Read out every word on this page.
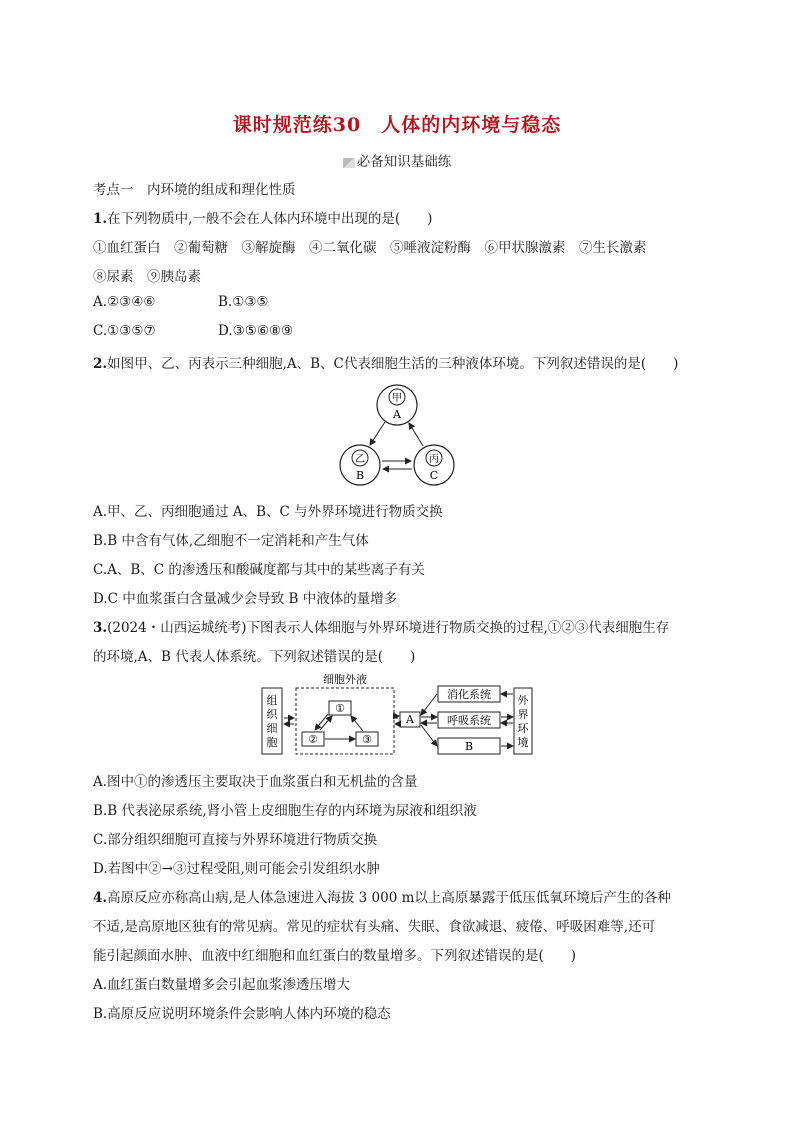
课时规范练30　人体的内环境与稳态
必备知识基础练
考点一　内环境的组成和理化性质
1.在下列物质中,一般不会在人体内环境中出现的是(　　)
①血红蛋白　②葡萄糖　③解旋酶　④二氧化碳　⑤唾液淀粉酶　⑥甲状腺激素　⑦生长激素
⑧尿素　⑨胰岛素
A.②③④⑥	B.①③⑤
C.①③⑤⑦	D.③⑤⑥⑧⑨
2.如图甲、乙、丙表示三种细胞,A、B、C代表细胞生活的三种液体环境。下列叙述错误的是(　　)
甲
A
乙
B
丙
C
A.甲、乙、丙细胞通过 A、B、C 与外界环境进行物质交换
B.B 中含有气体,乙细胞不一定消耗和产生气体
C.A、B、C 的渗透压和酸碱度都与其中的某些离子有关
D.C 中血浆蛋白含量减少会导致 B 中液体的量增多
3.(2024・山西运城统考)下图表示人体细胞与外界环境进行物质交换的过程,①②③代表细胞生存
的环境,A、B 代表人体系统。下列叙述错误的是(　　)
组
织
细
胞
细胞外液
①
②	③
A
消化系统
呼吸系统
B
外
界
环
境
A.图中①的渗透压主要取决于血浆蛋白和无机盐的含量
B.B 代表泌尿系统,肾小管上皮细胞生存的内环境为尿液和组织液
C.部分组织细胞可直接与外界环境进行物质交换
D.若图中②→③过程受阻,则可能会引发组织水肿
4.高原反应亦称高山病,是人体急速进入海拔 3 000 m以上高原暴露于低压低氧环境后产生的各种
不适,是高原地区独有的常见病。常见的症状有头痛、失眠、食欲减退、疲倦、呼吸困难等,还可
能引起颜面水肿、血液中红细胞和血红蛋白的数量增多。下列叙述错误的是(　　)
A.血红蛋白数量增多会引起血浆渗透压增大
B.高原反应说明环境条件会影响人体内环境的稳态
